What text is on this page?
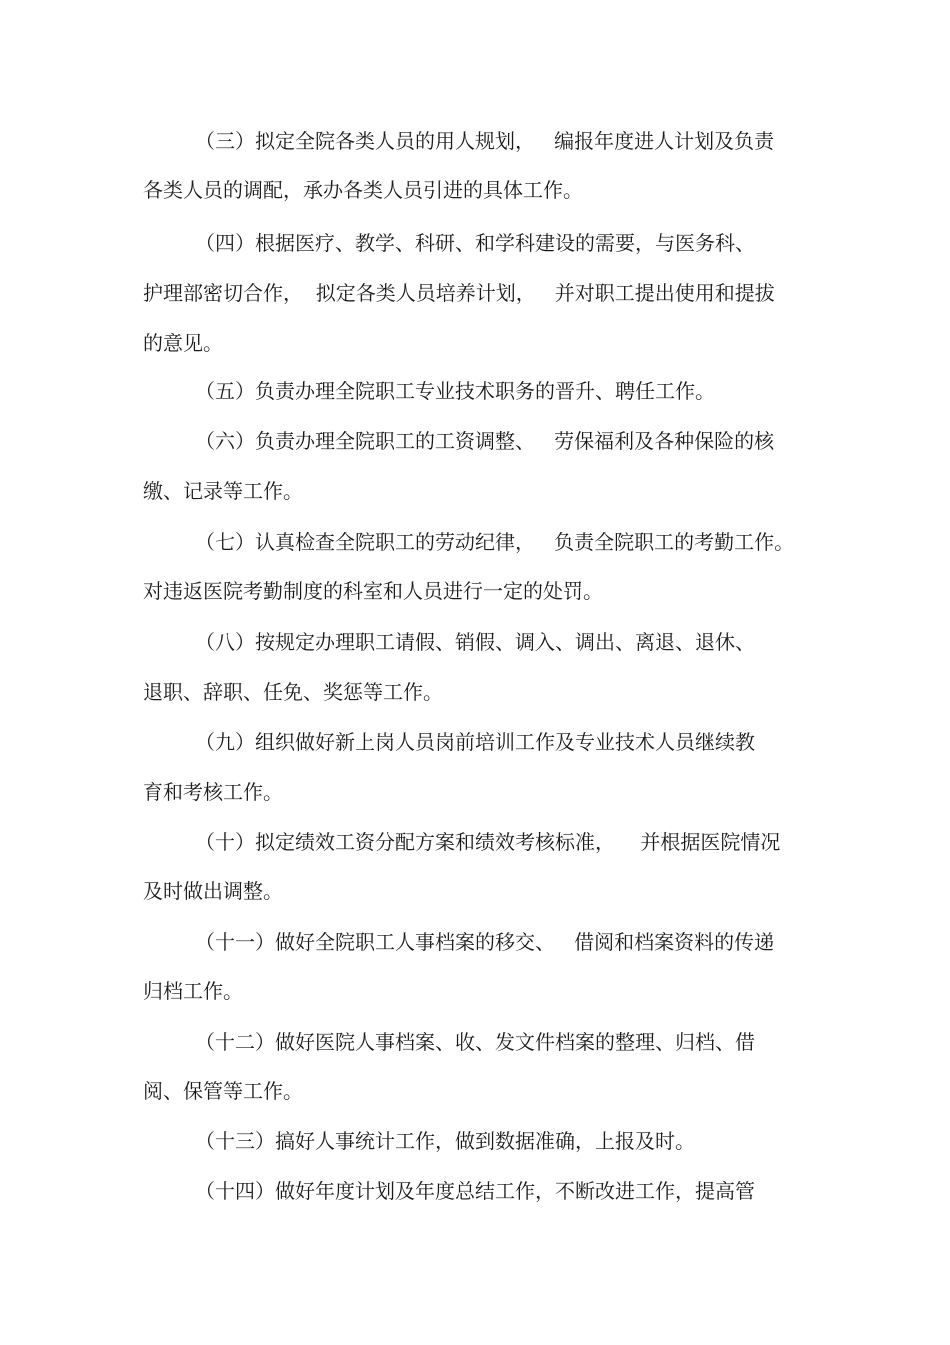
（三）拟定全院各类人员的用人规划，   编报年度进人计划及负责
各类人员的调配，承办各类人员引进的具体工作。
（四）根据医疗、教学、科研、和学科建设的需要，与医务科、
护理部密切合作，  拟定各类人员培养计划，   并对职工提出使用和提拔
的意见。
（五）负责办理全院职工专业技术职务的晋升、聘任工作。
（六）负责办理全院职工的工资调整、   劳保福利及各种保险的核
缴、记录等工作。
（七）认真检查全院职工的劳动纪律，   负责全院职工的考勤工作。
对违返医院考勤制度的科室和人员进行一定的处罚。
（八）按规定办理职工请假、销假、调入、调出、离退、退休、
退职、辞职、任免、奖惩等工作。
（九）组织做好新上岗人员岗前培训工作及专业技术人员继续教
育和考核工作。
（十）拟定绩效工资分配方案和绩效考核标准，    并根据医院情况
及时做出调整。
（十一）做好全院职工人事档案的移交、   借阅和档案资料的传递
归档工作。
（十二）做好医院人事档案、收、发文件档案的整理、归档、借
阅、保管等工作。
（十三）搞好人事统计工作，做到数据准确，上报及时。
（十四）做好年度计划及年度总结工作，不断改进工作，提高管
